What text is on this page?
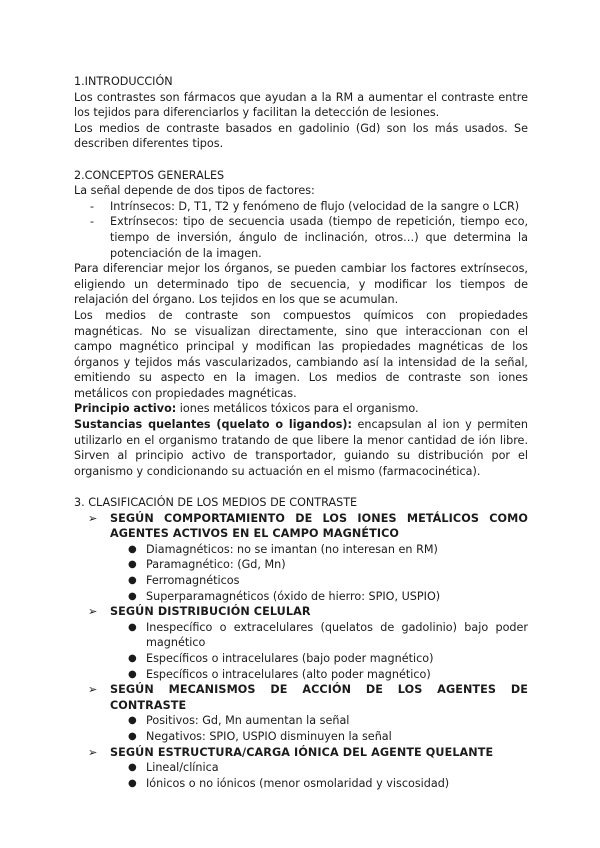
1.INTRODUCCIÓN

Los contrastes son fármacos que ayudan a la RM a aumentar el contraste entre los tejidos para diferenciarlos y facilitan la detección de lesiones.

Los medios de contraste basados en gadolinio (Gd) son los más usados. Se describen diferentes tipos.

2.CONCEPTOS GENERALES

La señal depende de dos tipos de factores:

- Intrínsecos: D, T1, T2 y fenómeno de flujo (velocidad de la sangre o LCR)
- Extrínsecos: tipo de secuencia usada (tiempo de repetición, tiempo eco, tiempo de inversión, ángulo de inclinación, otros…) que determina la potenciación de la imagen.

Para diferenciar mejor los órganos, se pueden cambiar los factores extrínsecos, eligiendo un determinado tipo de secuencia, y modificar los tiempos de relajación del órgano. Los tejidos en los que se acumulan.

Los medios de contraste son compuestos químicos con propiedades magnéticas. No se visualizan directamente, sino que interaccionan con el campo magnético principal y modifican las propiedades magnéticas de los órganos y tejidos más vascularizados, cambiando así la intensidad de la señal, emitiendo su aspecto en la imagen. Los medios de contraste son iones metálicos con propiedades magnéticas.

Principio activo: iones metálicos tóxicos para el organismo.

Sustancias quelantes (quelato o ligandos): encapsulan al ion y permiten utilizarlo en el organismo tratando de que libere la menor cantidad de ión libre. Sirven al principio activo de transportador, guiando su distribución por el organismo y condicionando su actuación en el mismo (farmacocinética).

3. CLASIFICACIÓN DE LOS MEDIOS DE CONTRASTE

➢ SEGÚN COMPORTAMIENTO DE LOS IONES METÁLICOS COMO AGENTES ACTIVOS EN EL CAMPO MAGNÉTICO
● Diamagnéticos: no se imantan (no interesan en RM)
● Paramagnético: (Gd, Mn)
● Ferromagnéticos
● Superparamagnéticos (óxido de hierro: SPIO, USPIO)
➢ SEGÚN DISTRIBUCIÓN CELULAR
● Inespecífico o extracelulares (quelatos de gadolinio) bajo poder magnético
● Específicos o intracelulares (bajo poder magnético)
● Específicos o intracelulares (alto poder magnético)
➢ SEGÚN MECANISMOS DE ACCIÓN DE LOS AGENTES DE CONTRASTE
● Positivos: Gd, Mn aumentan la señal
● Negativos: SPIO, USPIO disminuyen la señal
➢ SEGÚN ESTRUCTURA/CARGA IÓNICA DEL AGENTE QUELANTE
● Lineal/clínica
● Iónicos o no iónicos (menor osmolaridad y viscosidad)
